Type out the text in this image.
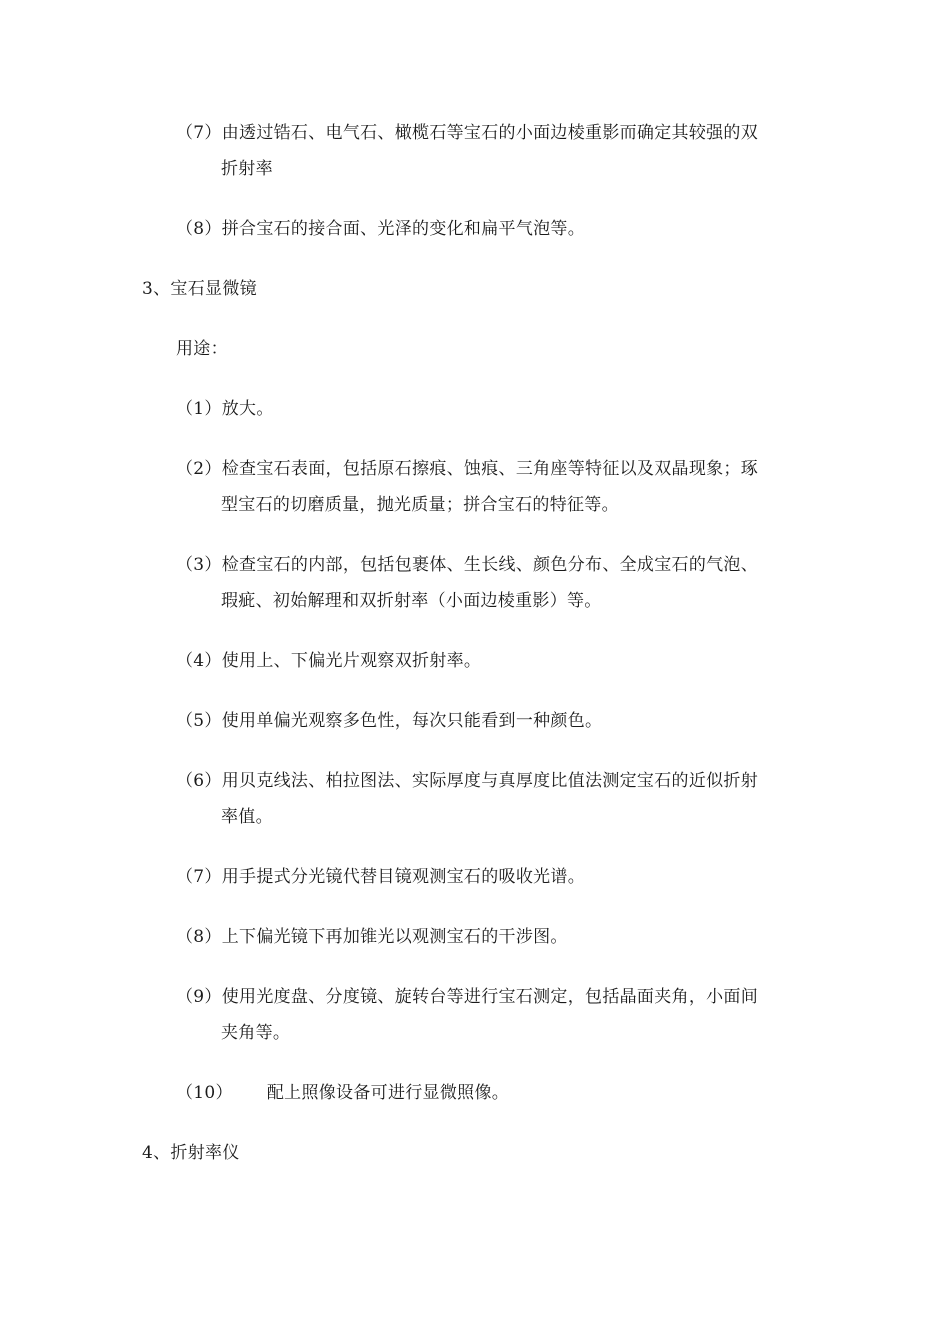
（7）由透过锆石、电气石、橄榄石等宝石的小面边棱重影而确定其较强的双
折射率
（8）拼合宝石的接合面、光泽的变化和扁平气泡等。
3、宝石显微镜
用途：
（1）放大。
（2）检查宝石表面，包括原石擦痕、蚀痕、三角座等特征以及双晶现象；琢
型宝石的切磨质量，抛光质量；拼合宝石的特征等。
（3）检查宝石的内部，包括包裹体、生长线、颜色分布、全成宝石的气泡、
瑕疵、初始解理和双折射率（小面边棱重影）等。
（4）使用上、下偏光片观察双折射率。
（5）使用单偏光观察多色性，每次只能看到一种颜色。
（6）用贝克线法、柏拉图法、实际厚度与真厚度比值法测定宝石的近似折射
率值。
（7）用手提式分光镜代替目镜观测宝石的吸收光谱。
（8）上下偏光镜下再加锥光以观测宝石的干涉图。
（9）使用光度盘、分度镜、旋转台等进行宝石测定，包括晶面夹角，小面间
夹角等。
（10） 配上照像设备可进行显微照像。
4、折射率仪
